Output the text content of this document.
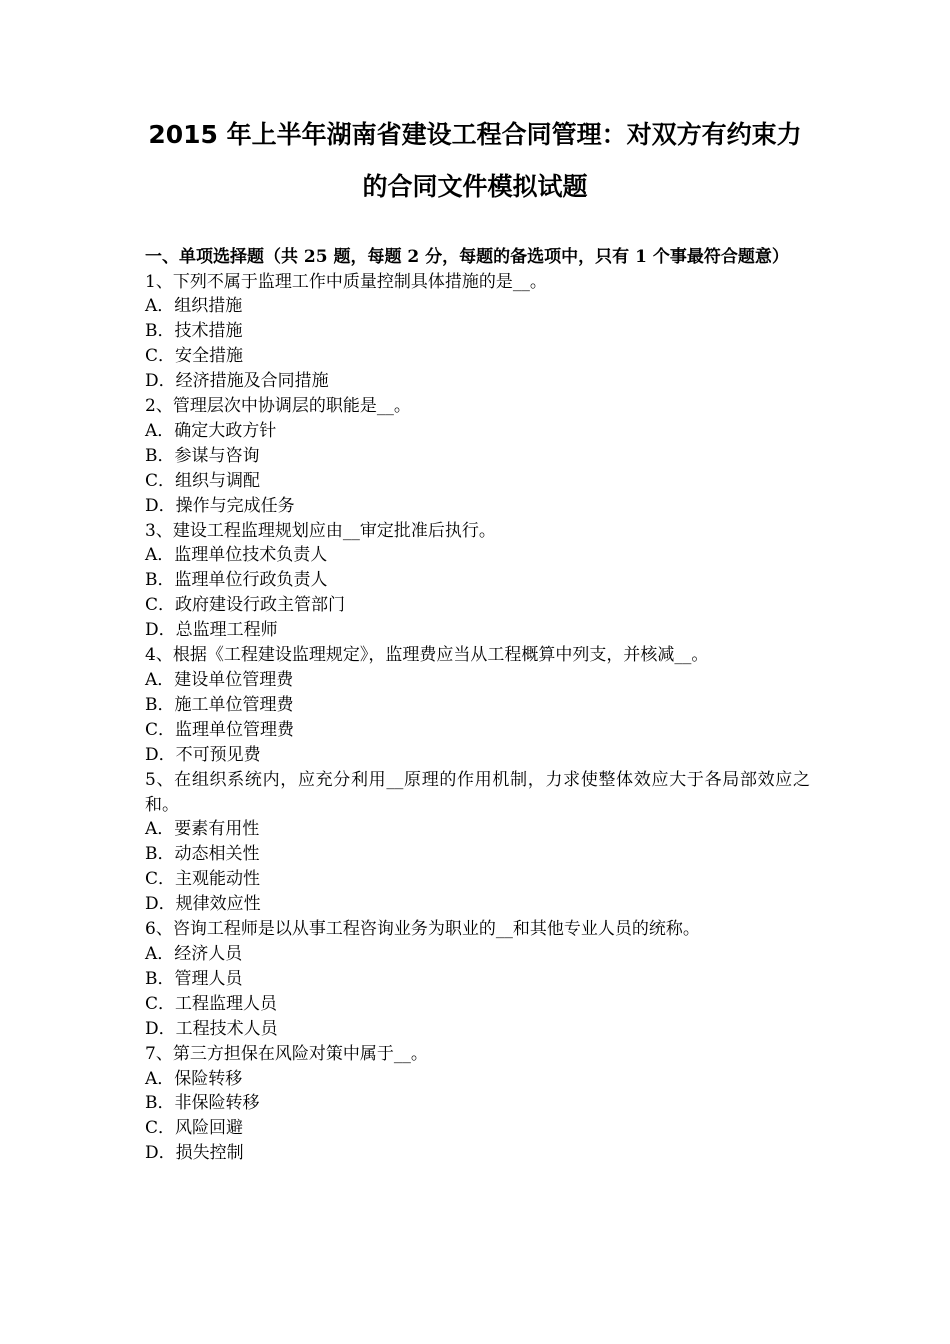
2015 年上半年湖南省建设工程合同管理：对双方有约束力
的合同文件模拟试题

一、单项选择题（共 25 题，每题 2 分，每题的备选项中，只有 1 个事最符合题意）

1、下列不属于监理工作中质量控制具体措施的是__。

A．组织措施

B．技术措施

C．安全措施

D．经济措施及合同措施

2、管理层次中协调层的职能是__。

A．确定大政方针

B．参谋与咨询

C．组织与调配

D．操作与完成任务

3、建设工程监理规划应由__审定批准后执行。

A．监理单位技术负责人

B．监理单位行政负责人

C．政府建设行政主管部门

D．总监理工程师

4、根据《工程建设监理规定》，监理费应当从工程概算中列支，并核减__。

A．建设单位管理费

B．施工单位管理费

C．监理单位管理费

D．不可预见费

5、在组织系统内，应充分利用__原理的作用机制，力求使整体效应大于各局部效应之和。

A．要素有用性

B．动态相关性

C．主观能动性

D．规律效应性

6、咨询工程师是以从事工程咨询业务为职业的__和其他专业人员的统称。

A．经济人员

B．管理人员

C．工程监理人员

D．工程技术人员

7、第三方担保在风险对策中属于__。

A．保险转移

B．非保险转移

C．风险回避

D．损失控制
